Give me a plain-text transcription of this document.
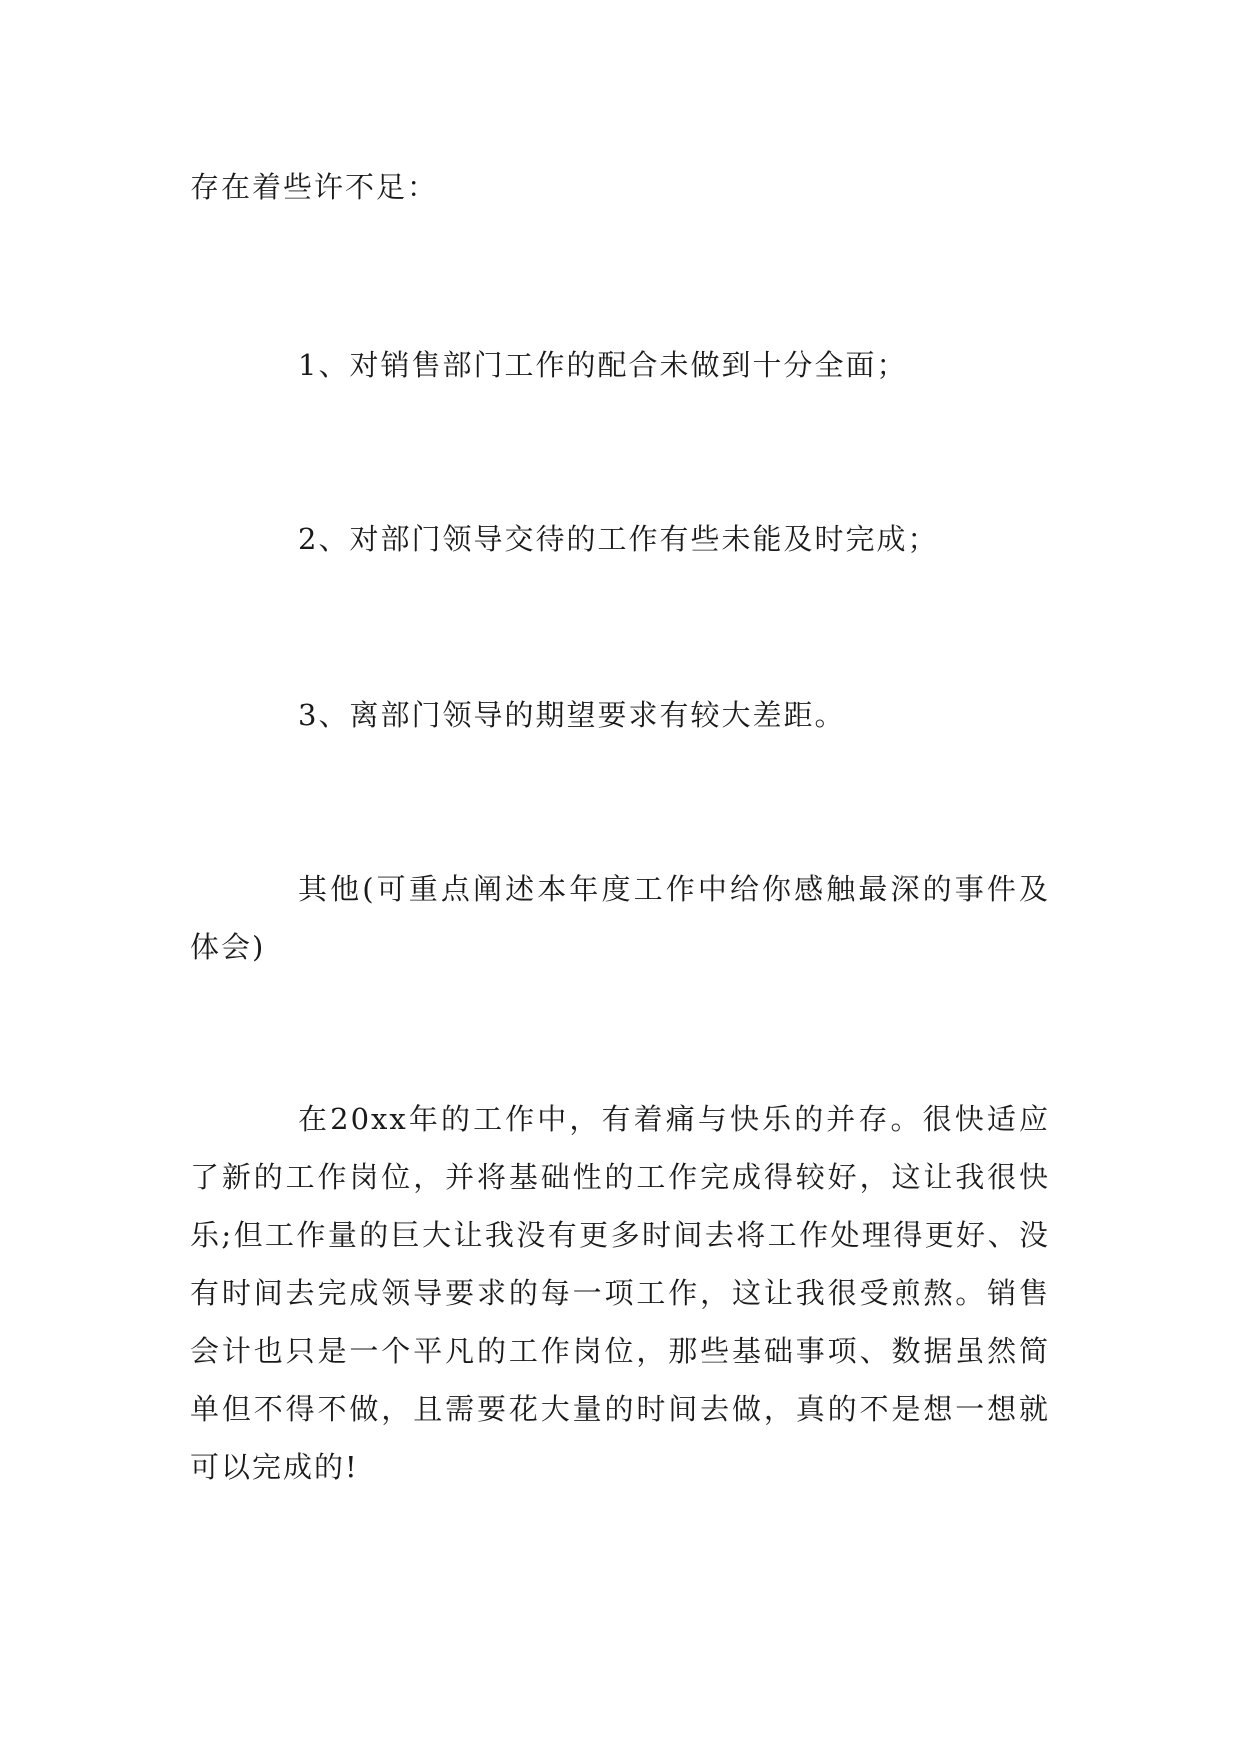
存在着些许不足：

1、对销售部门工作的配合未做到十分全面；

2、对部门领导交待的工作有些未能及时完成；

3、离部门领导的期望要求有较大差距。

其他(可重点阐述本年度工作中给你感触最深的事件及体会)

在20xx年的工作中，有着痛与快乐的并存。很快适应了新的工作岗位，并将基础性的工作完成得较好，这让我很快乐;但工作量的巨大让我没有更多时间去将工作处理得更好、没有时间去完成领导要求的每一项工作，这让我很受煎熬。销售会计也只是一个平凡的工作岗位，那些基础事项、数据虽然简单但不得不做，且需要花大量的时间去做，真的不是想一想就可以完成的!
